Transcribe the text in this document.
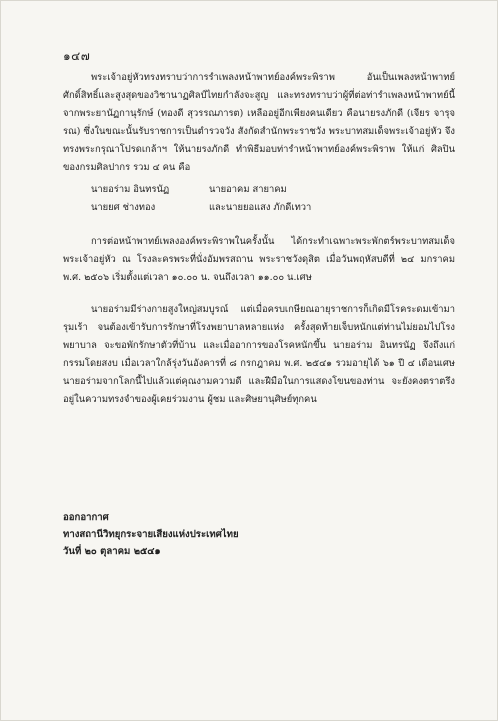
๑๔๗

พระเจ้าอยู่หัวทรงทราบว่าการรำเพลงหน้าพาทย์องค์พระพิราพ อันเป็นเพลงหน้าพาทย์ศักดิ์สิทธิ์และสูงสุดของวิชานาฏศิลป์ไทยกำลังจะสูญ และทรงทราบว่าผู้ที่ต่อท่ารำเพลงหน้าพาทย์นี้จากพระยานัฏกานุรักษ์ (ทองดี สุวรรณภารต) เหลืออยู่อีกเพียงคนเดียว คือนายรงภักดี (เจียร จารุจรณ) ซึ่งในขณะนั้นรับราชการเป็นตำรวจวัง สังกัดสำนักพระราชวัง พระบาทสมเด็จพระเจ้าอยู่หัว จึงทรงพระกรุณาโปรดเกล้าฯ ให้นายรงภักดี ทำพิธีมอบท่ารำหน้าพาทย์องค์พระพิราพ ให้แก่ ศิลปินของกรมศิลปากร รวม ๔ คน คือ

นายอร่าม อินทรนัฏ	นายอาคม สายาคม
นายยศ ช่างทอง	และนายยอแสง ภักดีเทวา

การต่อหน้าพาทย์เพลงองค์พระพิราพในครั้งนั้น ได้กระทำเฉพาะพระพักตร์พระบาทสมเด็จพระเจ้าอยู่หัว ณ โรงละครพระที่นั่งอัมพรสถาน พระราชวังดุสิต เมื่อวันพฤหัสบดีที่ ๒๔ มกราคม พ.ศ. ๒๕๐๖ เริ่มตั้งแต่เวลา ๑๐.๐๐ น. จนถึงเวลา ๑๑.๐๐ น.เศษ

นายอร่ามมีร่างกายสูงใหญ่สมบูรณ์ แต่เมื่อครบเกษียณอายุราชการก็เกิดมีโรคระดมเข้ามารุมเร้า จนต้องเข้ารับการรักษาที่โรงพยาบาลหลายแห่ง ครั้งสุดท้ายเจ็บหนักแต่ท่านไม่ยอมไปโรงพยาบาล จะขอพักรักษาตัวที่บ้าน และเมื่ออาการของโรคหนักขึ้น นายอร่าม อินทรนัฏ จึงถึงแก่กรรมโดยสงบ เมื่อเวลาใกล้รุ่งวันอังคารที่ ๘ กรกฎาคม พ.ศ. ๒๕๔๑ รวมอายุได้ ๖๑ ปี ๔ เดือนเศษ นายอร่ามจากโลกนี้ไปแล้วแต่คุณงามความดี และฝีมือในการแสดงโขนของท่าน จะยังคงตราตรึงอยู่ในความทรงจำของผู้เคยร่วมงาน ผู้ชม และศิษยานุศิษย์ทุกคน

ออกอากาศ
ทางสถานีวิทยุกระจายเสียงแห่งประเทศไทย
วันที่ ๒๐ ตุลาคม ๒๕๔๑
